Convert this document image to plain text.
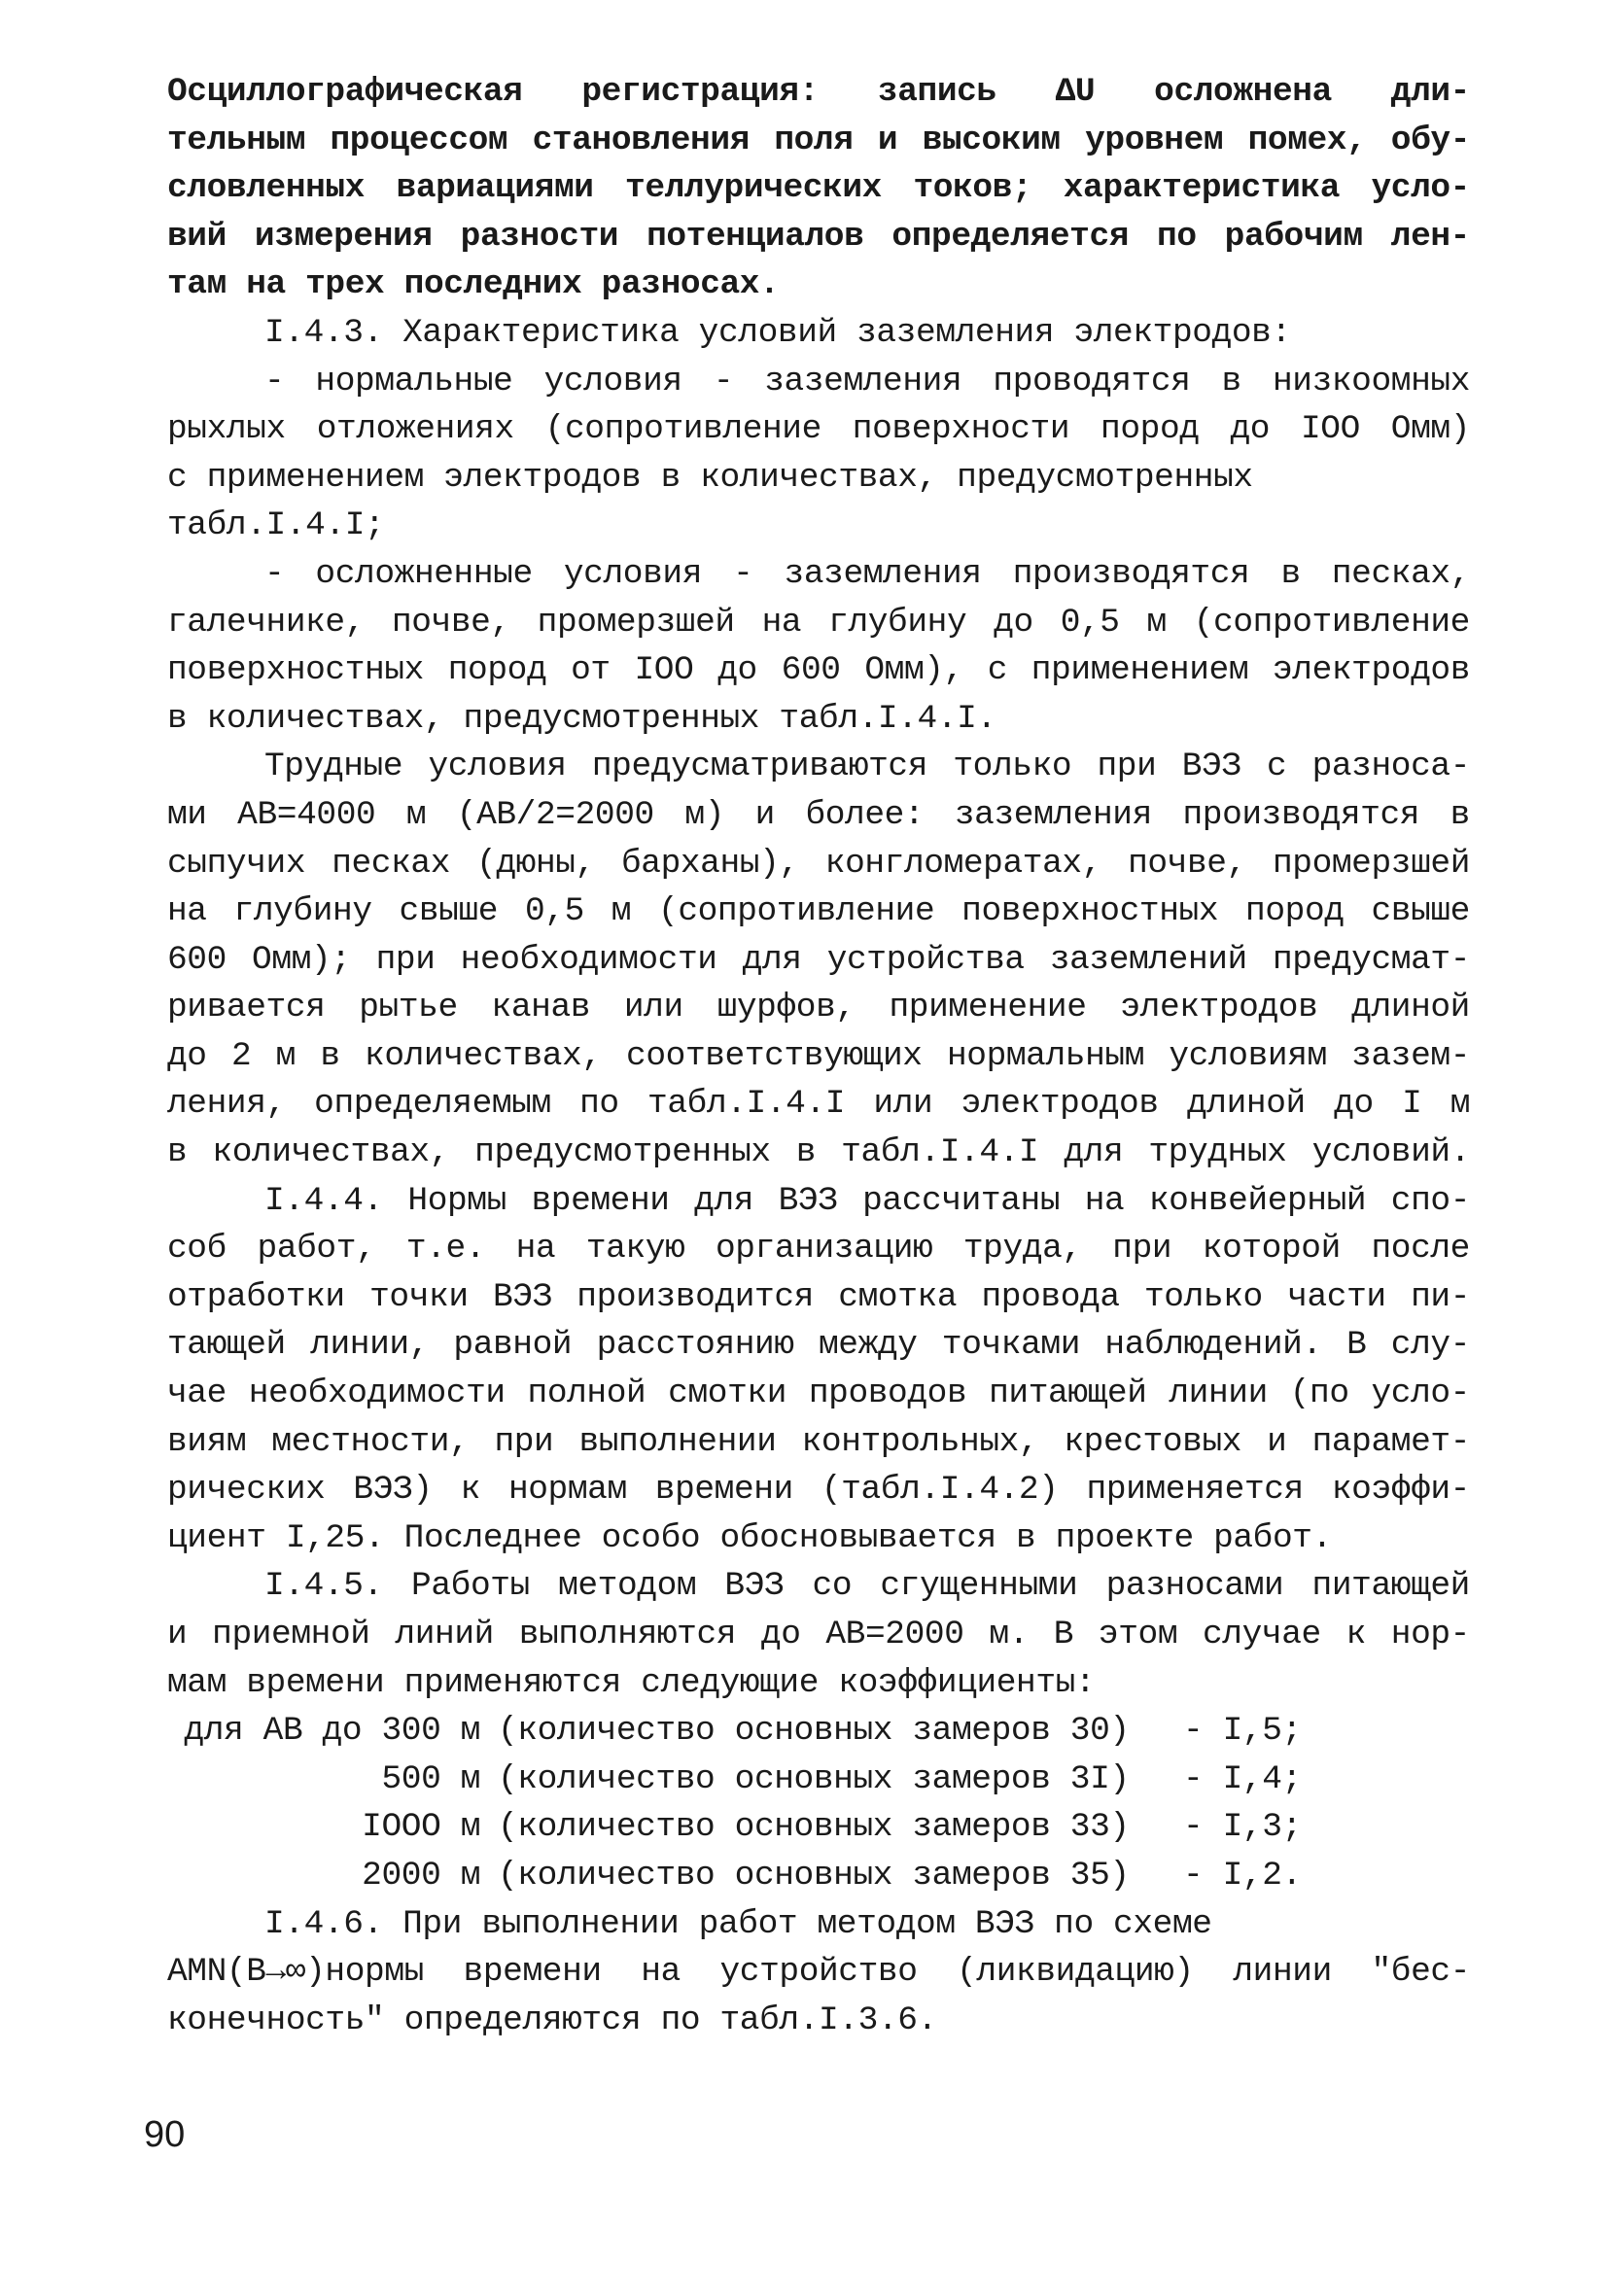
Осциллографическая регистрация: запись ΔU осложнена дли-
тельным процессом становления поля и высоким уровнем помех, обу-
словленных вариациями теллурических токов; характеристика усло-
вий измерения разности потенциалов определяется по рабочим лен-
там на трех последних разносах.
I.4.3. Характеристика условий заземления электродов:
- нормальные условия - заземления проводятся в низкоомных
рыхлых отложениях (сопротивление поверхности пород до IOO Омм)
с применением электродов в количествах, предусмотренных
табл.I.4.I;
- осложненные условия - заземления производятся в песках,
галечнике, почве, промерзшей на глубину до 0,5 м (сопротивление
поверхностных пород от IOO до 600 Омм), с применением электродов
в количествах, предусмотренных табл.I.4.I.
Трудные условия предусматриваются только при ВЭЗ с разноса-
ми АВ=4000 м (АВ/2=2000 м) и более: заземления производятся в
сыпучих песках (дюны, барханы), конгломератах, почве, промерзшей
на глубину свыше 0,5 м (сопротивление поверхностных пород свыше
600 Омм); при необходимости для устройства заземлений предусмат-
ривается рытье канав или шурфов, применение электродов длиной
до 2 м в количествах, соответствующих нормальным условиям зазем-
ления, определяемым по табл.I.4.I или электродов длиной до I м
в количествах, предусмотренных в табл.I.4.I для трудных условий.
I.4.4. Нормы времени для ВЭЗ рассчитаны на конвейерный спо-
соб работ, т.е. на такую организацию труда, при которой после
отработки точки ВЭЗ производится смотка провода только части пи-
тающей линии, равной расстоянию между точками наблюдений. В слу-
чае необходимости полной смотки проводов питающей линии (по усло-
виям местности, при выполнении контрольных, крестовых и парамет-
рических ВЭЗ) к нормам времени (табл.I.4.2) применяется коэффи-
циент I,25. Последнее особо обосновывается в проекте работ.
I.4.5. Работы методом ВЭЗ со сгущенными разносами питающей
и приемной линий выполняются до АВ=2000 м. В этом случае к нор-
мам времени применяются следующие коэффициенты:
для АВ до 300 м (количество основных замеров 30)	- I,5;
500 м (количество основных замеров 3I)	- I,4;
IOOO м (количество основных замеров 33)	- I,3;
2000 м (количество основных замеров 35)	- I,2.
I.4.6. При выполнении работ методом ВЭЗ по схеме
AMN(B→∞)нормы времени на устройство (ликвидацию) линии "бес-
конечность" определяются по табл.I.3.6.
90
